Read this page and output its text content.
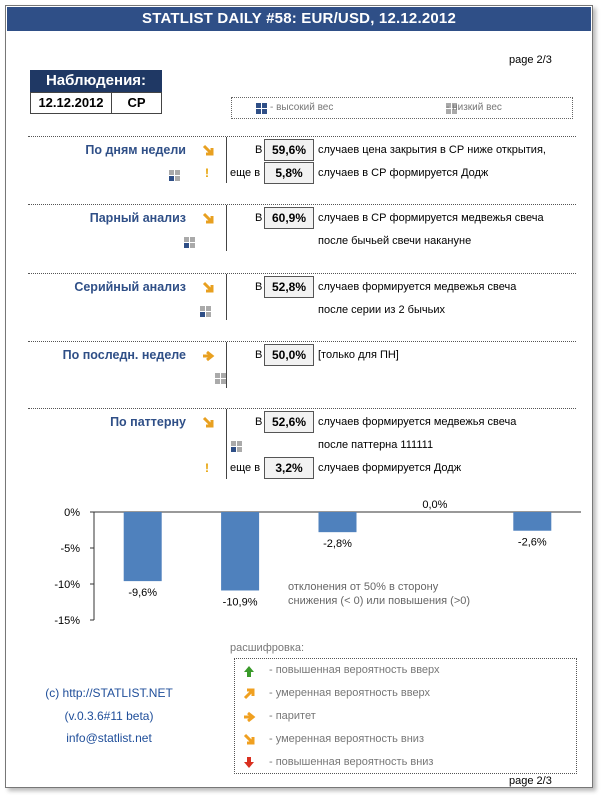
STATLIST DAILY #58: EUR/USD, 12.12.2012
page 2/3
Наблюдения:
12.12.2012	СР
	- высокий вес	- низкий вес
По дням недели

!
В 59,6%	случаев цена закрытия в СР ниже открытия,
еще в	5,8%	случаев в СР формируется Додж
Парный анализ
	В 60,9%	случаев в СР формируется медвежья свеча
после бычьей свечи накануне
Серийный анализ
	В 52,8%	случаев формируется медвежья свеча
после серии из 2 бычьих
По последн. неделе
	В 50,0%	[только для ПН]
По паттерну
!
В 52,6%	случаев формируется медвежья свеча
после паттерна 111111
еще в	3,2%	случаев формируется Додж
0%
-5%
-10%
-15%
-9,6%
-10,9%
-2,8%
0,0%
-2,6%
отклонения от 50% в сторону
снижения (< 0) или повышения (>0)
(c) http://STATLIST.NET
(v.0.3.6#11 beta)
info@statlist.net
расшифровка:
- повышенная вероятность вверх
- умеренная вероятность вверх
- паритет
- умеренная вероятность вниз
- повышенная вероятность вниз
page 2/3
